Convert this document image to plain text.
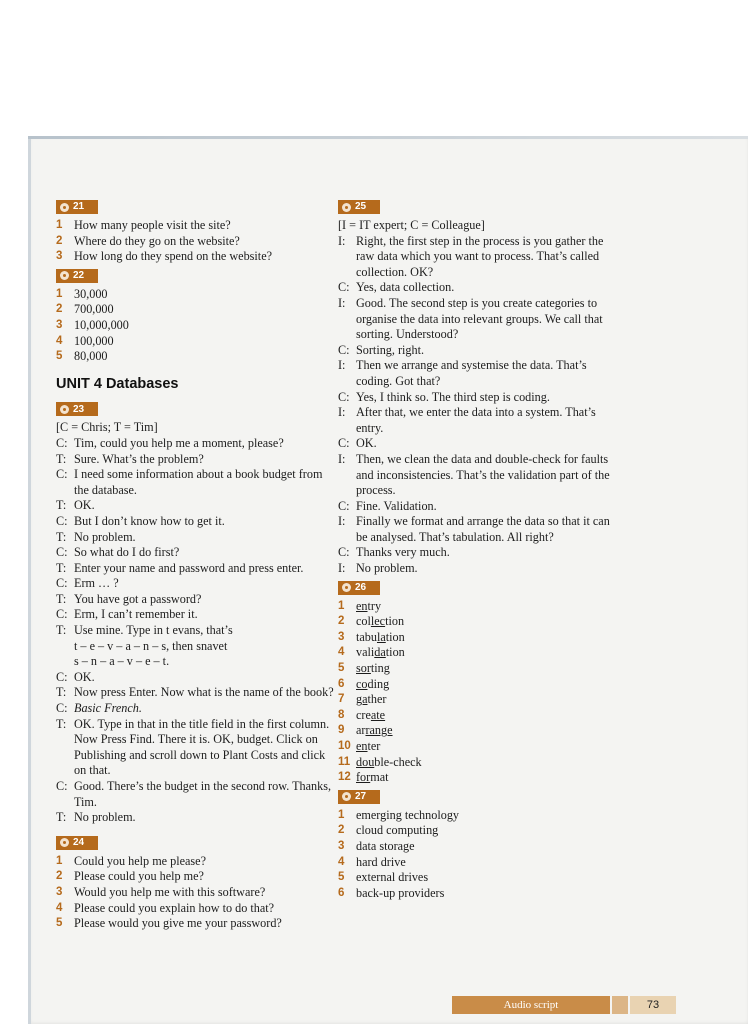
21
1 How many people visit the site?
2 Where do they go on the website?
3 How long do they spend on the website?
22
1 30,000
2 700,000
3 10,000,000
4 100,000
5 80,000
UNIT 4 Databases
23
[C = Chris; T = Tim]
C: Tim, could you help me a moment, please?
T: Sure. What’s the problem?
C: I need some information about a book budget from the database.
T: OK.
C: But I don’t know how to get it.
T: No problem.
C: So what do I do first?
T: Enter your name and password and press enter.
C: Erm … ?
T: You have got a password?
C: Erm, I can’t remember it.
T: Use mine. Type in t evans, that’s
t – e – v – a – n – s, then snavet
s – n – a – v – e – t.
C: OK.
T: Now press Enter. Now what is the name of the book?
C: Basic French.
T: OK. Type in that in the title field in the first column. Now Press Find. There it is. OK, budget. Click on Publishing and scroll down to Plant Costs and click on that.
C: Good. There’s the budget in the second row. Thanks, Tim.
T: No problem.
24
1 Could you help me please?
2 Please could you help me?
3 Would you help me with this software?
4 Please could you explain how to do that?
5 Please would you give me your password?
25
[I = IT expert; C = Colleague]
I: Right, the first step in the process is you gather the raw data which you want to process. That’s called collection. OK?
C: Yes, data collection.
I: Good. The second step is you create categories to organise the data into relevant groups. We call that sorting. Understood?
C: Sorting, right.
I: Then we arrange and systemise the data. That’s coding. Got that?
C: Yes, I think so. The third step is coding.
I: After that, we enter the data into a system. That’s entry.
C: OK.
I: Then, we clean the data and double-check for faults and inconsistencies. That’s the validation part of the process.
C: Fine. Validation.
I: Finally we format and arrange the data so that it can be analysed. That’s tabulation. All right?
C: Thanks very much.
I: No problem.
26
1 entry
2 collection
3 tabulation
4 validation
5 sorting
6 coding
7 gather
8 create
9 arrange
10 enter
11 double-check
12 format
27
1 emerging technology
2 cloud computing
3 data storage
4 hard drive
5 external drives
6 back-up providers
Audio script	73
